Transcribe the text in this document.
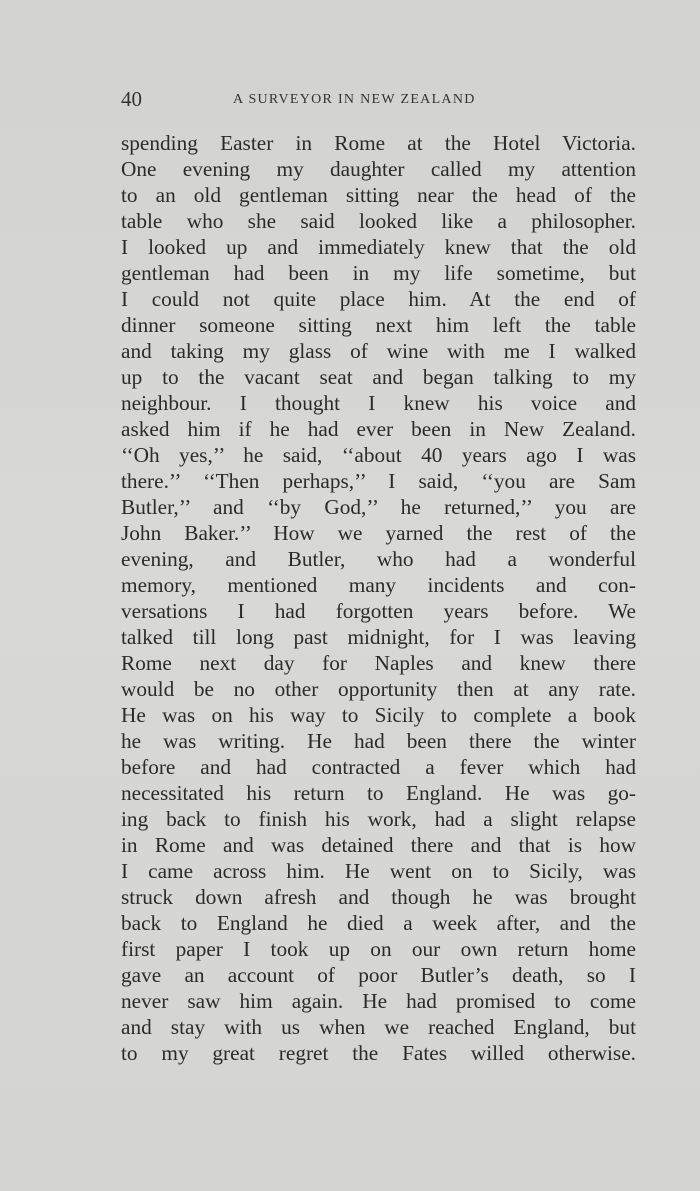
40	A SURVEYOR IN NEW ZEALAND
spending Easter in Rome at the Hotel Victoria.
One evening my daughter called my attention
to an old gentleman sitting near the head of the
table who she said looked like a philosopher.
I looked up and immediately knew that the old
gentleman had been in my life sometime, but
I could not quite place him. At the end of
dinner someone sitting next him left the table
and taking my glass of wine with me I walked
up to the vacant seat and began talking to my
neighbour. I thought I knew his voice and
asked him if he had ever been in New Zealand.
‘‘Oh yes,’’ he said, ‘‘about 40 years ago I was
there.’’ ‘‘Then perhaps,’’ I said, ‘‘you are Sam
Butler,’’ and ‘‘by God,’’ he returned,’’ you are
John Baker.’’ How we yarned the rest of the
evening, and Butler, who had a wonderful
memory, mentioned many incidents and con-
versations I had forgotten years before. We
talked till long past midnight, for I was leaving
Rome next day for Naples and knew there
would be no other opportunity then at any rate.
He was on his way to Sicily to complete a book
he was writing. He had been there the winter
before and had contracted a fever which had
necessitated his return to England. He was go-
ing back to finish his work, had a slight relapse
in Rome and was detained there and that is how
I came across him. He went on to Sicily, was
struck down afresh and though he was brought
back to England he died a week after, and the
first paper I took up on our own return home
gave an account of poor Butler’s death, so I
never saw him again. He had promised to come
and stay with us when we reached England, but
to my great regret the Fates willed otherwise.
